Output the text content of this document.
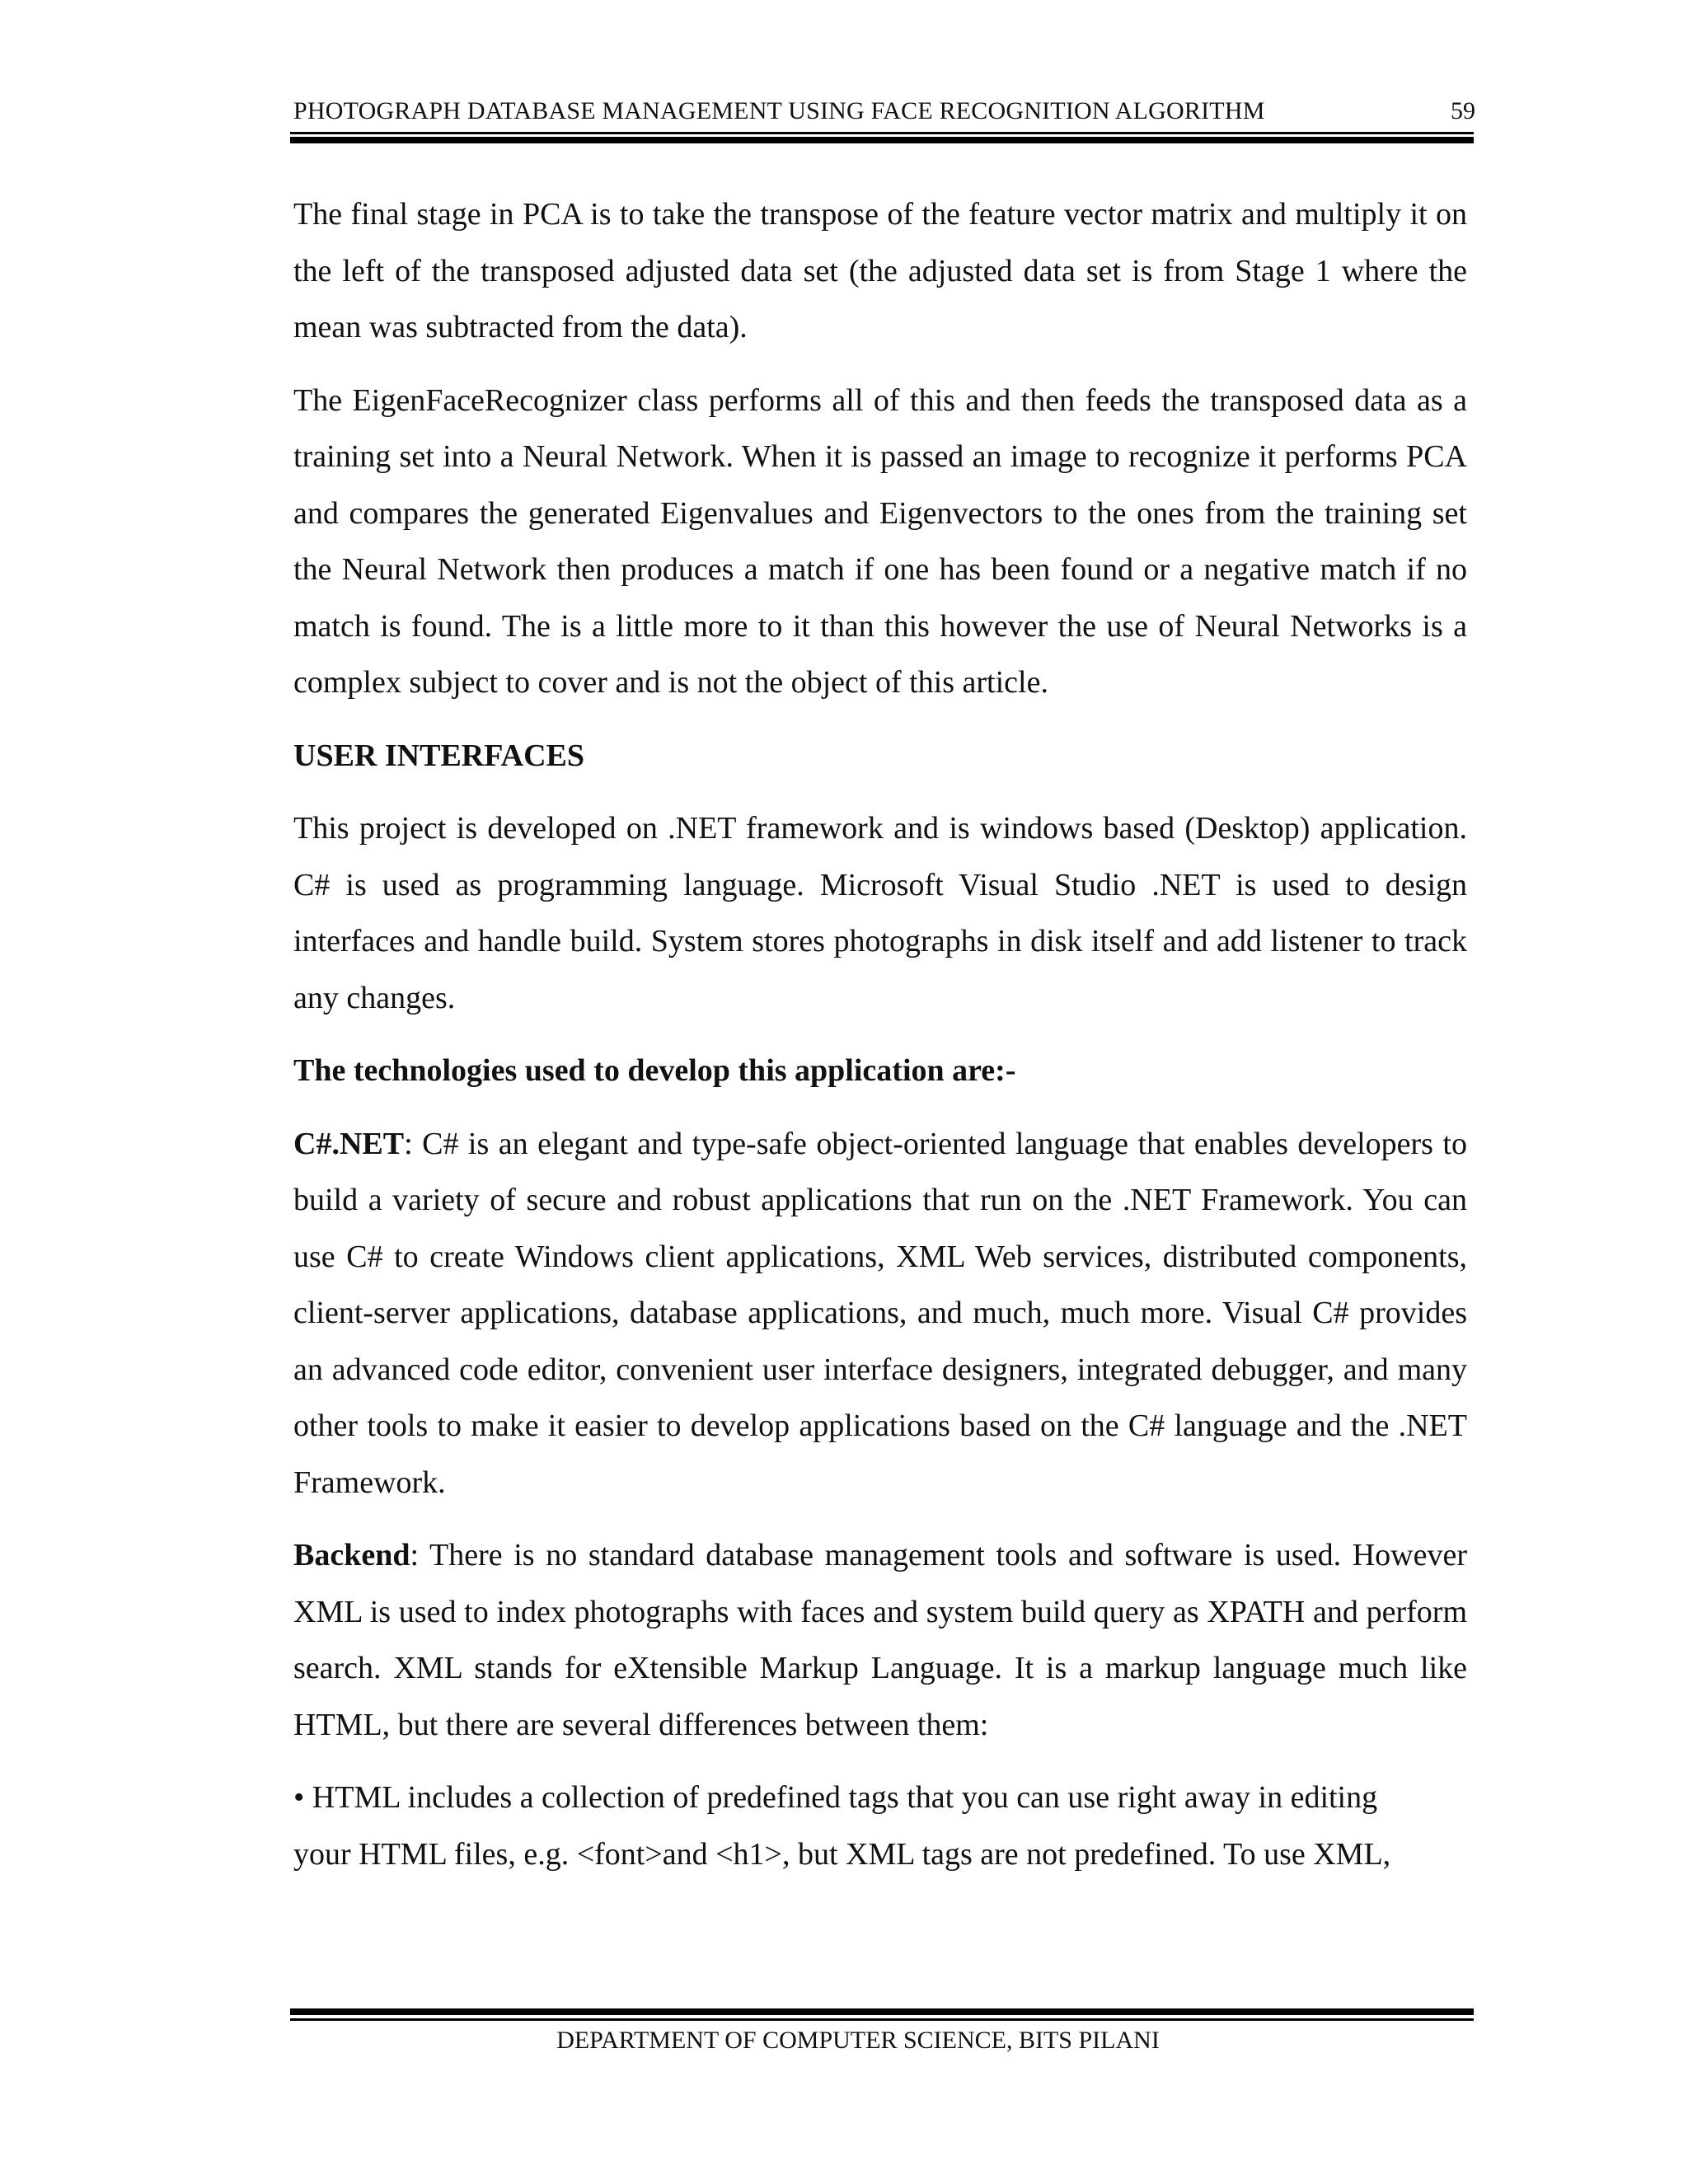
PHOTOGRAPH DATABASE MANAGEMENT USING FACE RECOGNITION ALGORITHM	59

The final stage in PCA is to take the transpose of the feature vector matrix and multiply it on the left of the transposed adjusted data set (the adjusted data set is from Stage 1 where the mean was subtracted from the data).

The EigenFaceRecognizer class performs all of this and then feeds the transposed data as a training set into a Neural Network. When it is passed an image to recognize it performs PCA and compares the generated Eigenvalues and Eigenvectors to the ones from the training set the Neural Network then produces a match if one has been found or a negative match if no match is found. The is a little more to it than this however the use of Neural Networks is a complex subject to cover and is not the object of this article.

USER INTERFACES

This project is developed on .NET framework and is windows based (Desktop) application. C# is used as programming language. Microsoft Visual Studio .NET is used to design interfaces and handle build. System stores photographs in disk itself and add listener to track any changes.

The technologies used to develop this application are:-

C#.NET: C# is an elegant and type-safe object-oriented language that enables developers to build a variety of secure and robust applications that run on the .NET Framework. You can use C# to create Windows client applications, XML Web services, distributed components, client-server applications, database applications, and much, much more. Visual C# provides an advanced code editor, convenient user interface designers, integrated debugger, and many other tools to make it easier to develop applications based on the C# language and the .NET Framework.

Backend: There is no standard database management tools and software is used. However XML is used to index photographs with faces and system build query as XPATH and perform search. XML stands for eXtensible Markup Language. It is a markup language much like HTML, but there are several differences between them:

• HTML includes a collection of predefined tags that you can use right away in editing
your HTML files, e.g. <font>and <h1>, but XML tags are not predefined. To use XML,

DEPARTMENT OF COMPUTER SCIENCE, BITS PILANI
